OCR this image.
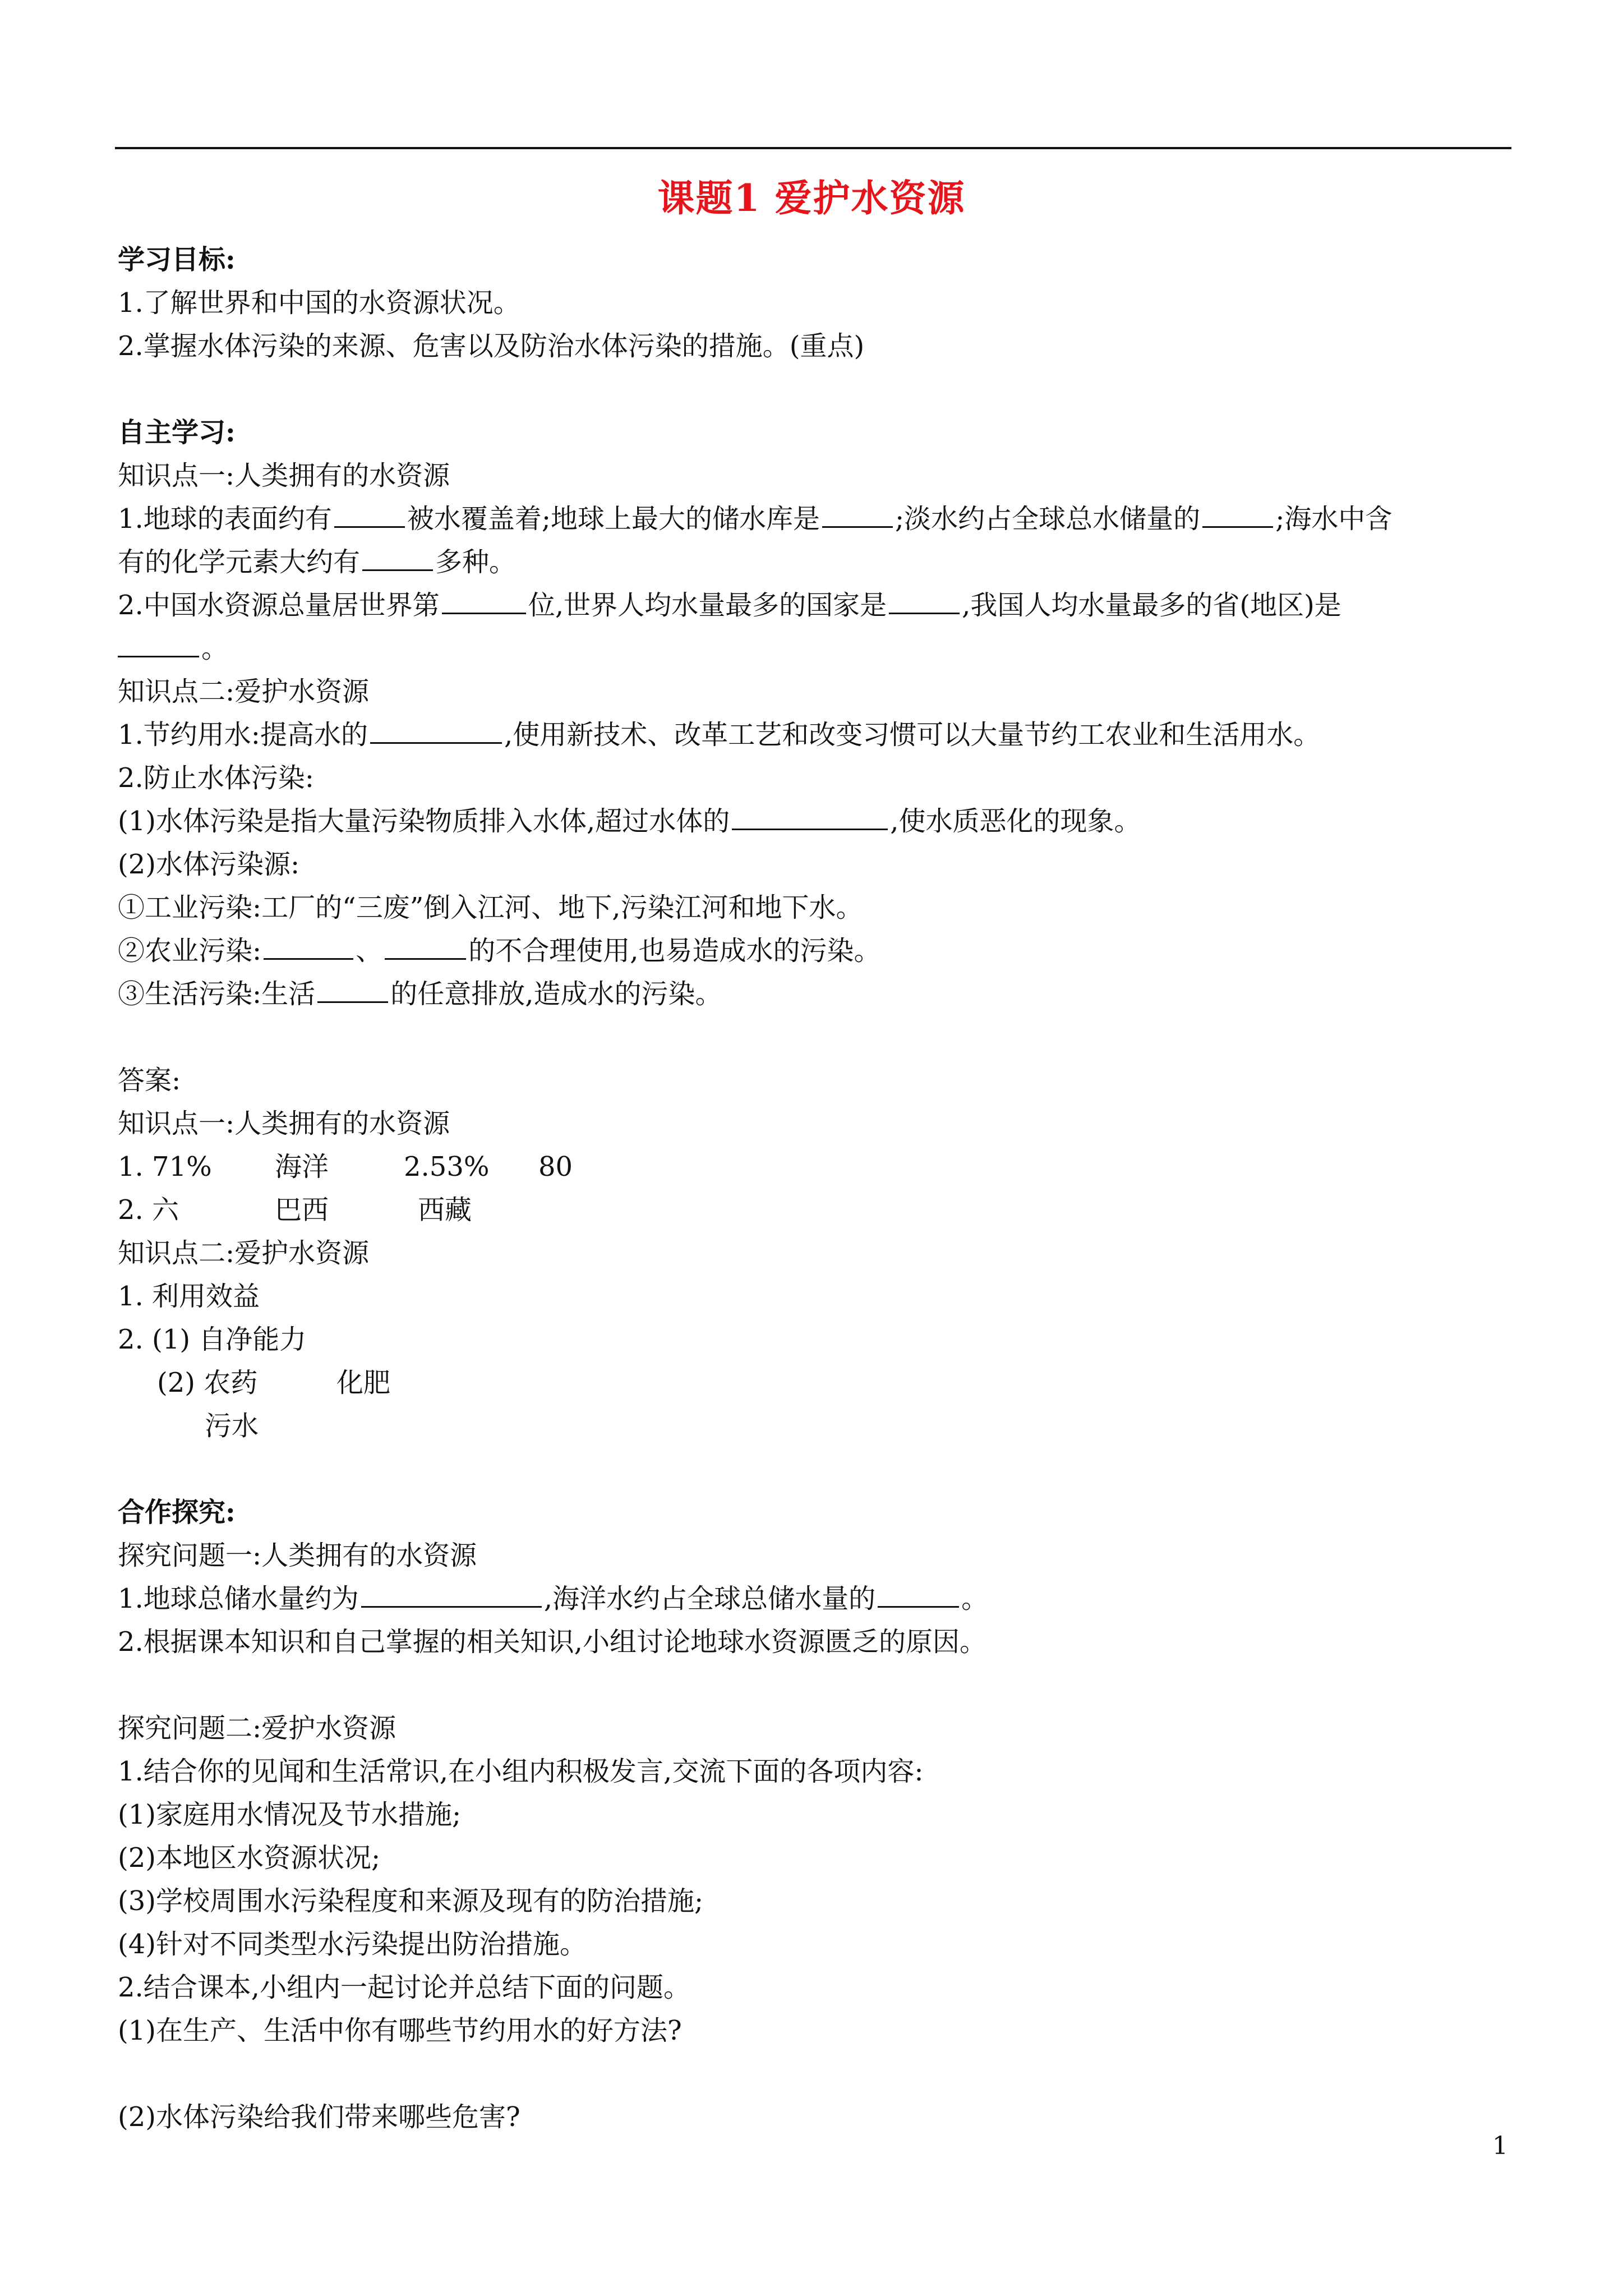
课题1 爱护水资源
学习目标:
1.了解世界和中国的水资源状况。
2.掌握水体污染的来源、危害以及防治水体污染的措施。(重点)
自主学习:
知识点一:人类拥有的水资源
1.地球的表面约有	被水覆盖着;地球上最大的储水库是	;淡水约占全球总水储量的	;海水中含
有的化学元素大约有	多种。
2.中国水资源总量居世界第	位,世界人均水量最多的国家是	,我国人均水量最多的省(地区)是
。
知识点二:爱护水资源
1.节约用水:提高水的	,使用新技术、改革工艺和改变习惯可以大量节约工农业和生活用水。
2.防止水体污染:
(1)水体污染是指大量污染物质排入水体,超过水体的	,使水质恶化的现象。
(2)水体污染源:
①工业污染:工厂的“三废”倒入江河、地下,污染江河和地下水。
②农业污染:	、	的不合理使用,也易造成水的污染。
③生活污染:生活	的任意排放,造成水的污染。
答案:
知识点一:人类拥有的水资源
1. 71% 海洋	2.53% 80
2. 六	巴西	西藏
知识点二:爱护水资源
1. 利用效益
2. (1) 自净能力
(2) 农药	化肥
污水
合作探究:
探究问题一:人类拥有的水资源
1.地球总储水量约为	,海洋水约占全球总储水量的	。
2.根据课本知识和自己掌握的相关知识,小组讨论地球水资源匮乏的原因。
探究问题二:爱护水资源
1.结合你的见闻和生活常识,在小组内积极发言,交流下面的各项内容:
(1)家庭用水情况及节水措施;
(2)本地区水资源状况;
(3)学校周围水污染程度和来源及现有的防治措施;
(4)针对不同类型水污染提出防治措施。
2.结合课本,小组内一起讨论并总结下面的问题。
(1)在生产、生活中你有哪些节约用水的好方法?
(2)水体污染给我们带来哪些危害?
1
